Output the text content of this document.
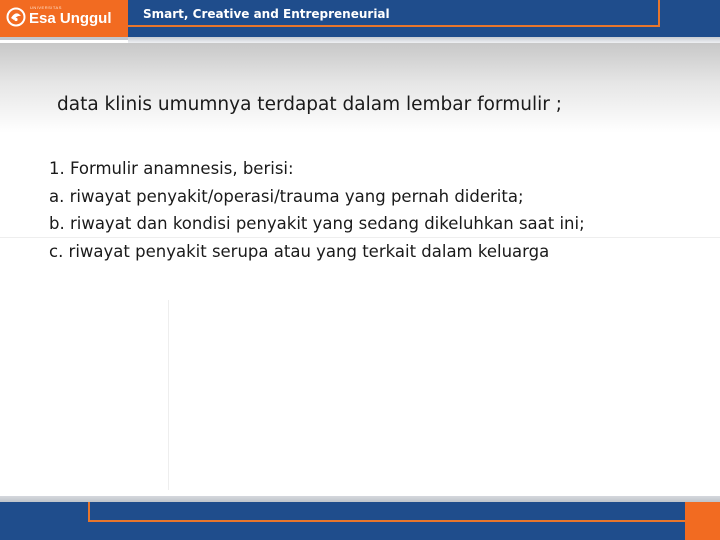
UNIVERSITAS
Esa Unggul	Smart, Creative and Entrepreneurial
data klinis umumnya terdapat dalam lembar formulir ;
1. Formulir anamnesis, berisi:
a. riwayat penyakit/operasi/trauma yang pernah diderita;
b. riwayat dan kondisi penyakit yang sedang dikeluhkan saat ini;
c. riwayat penyakit serupa atau yang terkait dalam keluarga
